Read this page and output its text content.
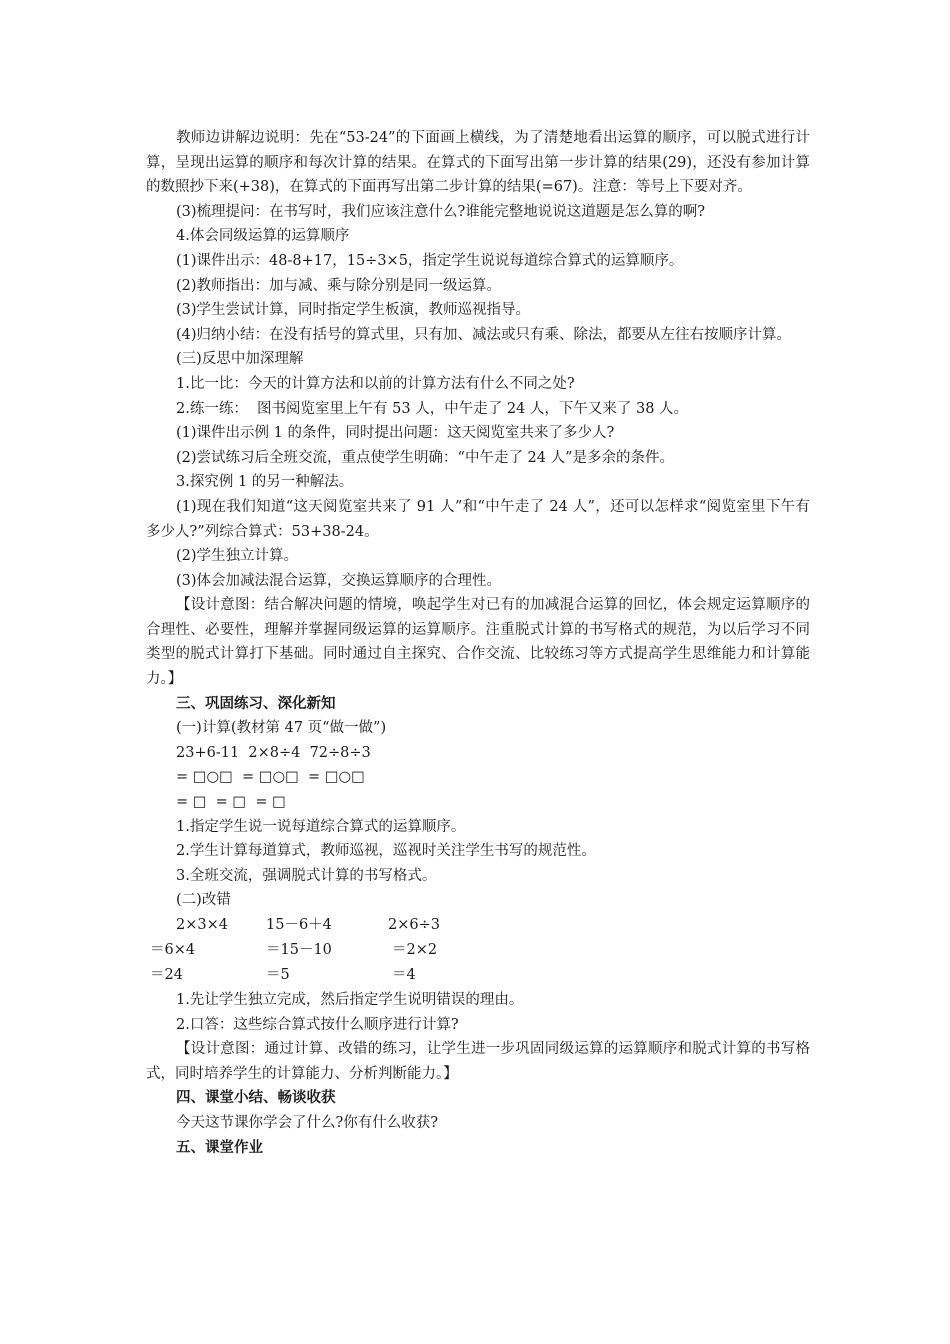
教师边讲解边说明：先在“53-24”的下面画上横线，为了清楚地看出运算的顺序，可以脱式进行计算，呈现出运算的顺序和每次计算的结果。在算式的下面写出第一步计算的结果(29)，还没有参加计算的数照抄下来(+38)，在算式的下面再写出第二步计算的结果(=67)。注意：等号上下要对齐。

(3)梳理提问：在书写时，我们应该注意什么?谁能完整地说说这道题是怎么算的啊?

4.体会同级运算的运算顺序

(1)课件出示：48-8+17，15÷3×5，指定学生说说每道综合算式的运算顺序。

(2)教师指出：加与减、乘与除分别是同一级运算。

(3)学生尝试计算，同时指定学生板演，教师巡视指导。

(4)归纳小结：在没有括号的算式里，只有加、减法或只有乘、除法，都要从左往右按顺序计算。

(三)反思中加深理解

1.比一比：今天的计算方法和以前的计算方法有什么不同之处?

2.练一练：  图书阅览室里上午有 53 人，中午走了 24 人，下午又来了 38 人。

(1)课件出示例 1 的条件，同时提出问题：这天阅览室共来了多少人?

(2)尝试练习后全班交流，重点使学生明确：“中午走了 24 人”是多余的条件。

3.探究例 1 的另一种解法。

(1)现在我们知道“这天阅览室共来了 91 人”和“中午走了 24 人”，还可以怎样求“阅览室里下午有多少人?”列综合算式：53+38-24。

(2)学生独立计算。

(3)体会加减法混合运算，交换运算顺序的合理性。

【设计意图：结合解决问题的情境，唤起学生对已有的加减混合运算的回忆，体会规定运算顺序的合理性、必要性，理解并掌握同级运算的运算顺序。注重脱式计算的书写格式的规范，为以后学习不同类型的脱式计算打下基础。同时通过自主探究、合作交流、比较练习等方式提高学生思维能力和计算能力。】

三、巩固练习、深化新知

(一)计算(教材第 47 页“做一做”)

23+6-11  2×8÷4  72÷8÷3

= □○□  = □○□  = □○□

= □  = □  = □

1.指定学生说一说每道综合算式的运算顺序。

2.学生计算每道算式，教师巡视，巡视时关注学生书写的规范性。

3.全班交流，强调脱式计算的书写格式。

(二)改错

2×3×4	15－6＋4	2×6÷3
＝6×4	＝15－10	＝2×2
＝24	＝5	＝4

1.先让学生独立完成，然后指定学生说明错误的理由。

2.口答：这些综合算式按什么顺序进行计算?

【设计意图：通过计算、改错的练习，让学生进一步巩固同级运算的运算顺序和脱式计算的书写格式，同时培养学生的计算能力、分析判断能力。】

四、课堂小结、畅谈收获

今天这节课你学会了什么?你有什么收获?

五、课堂作业
